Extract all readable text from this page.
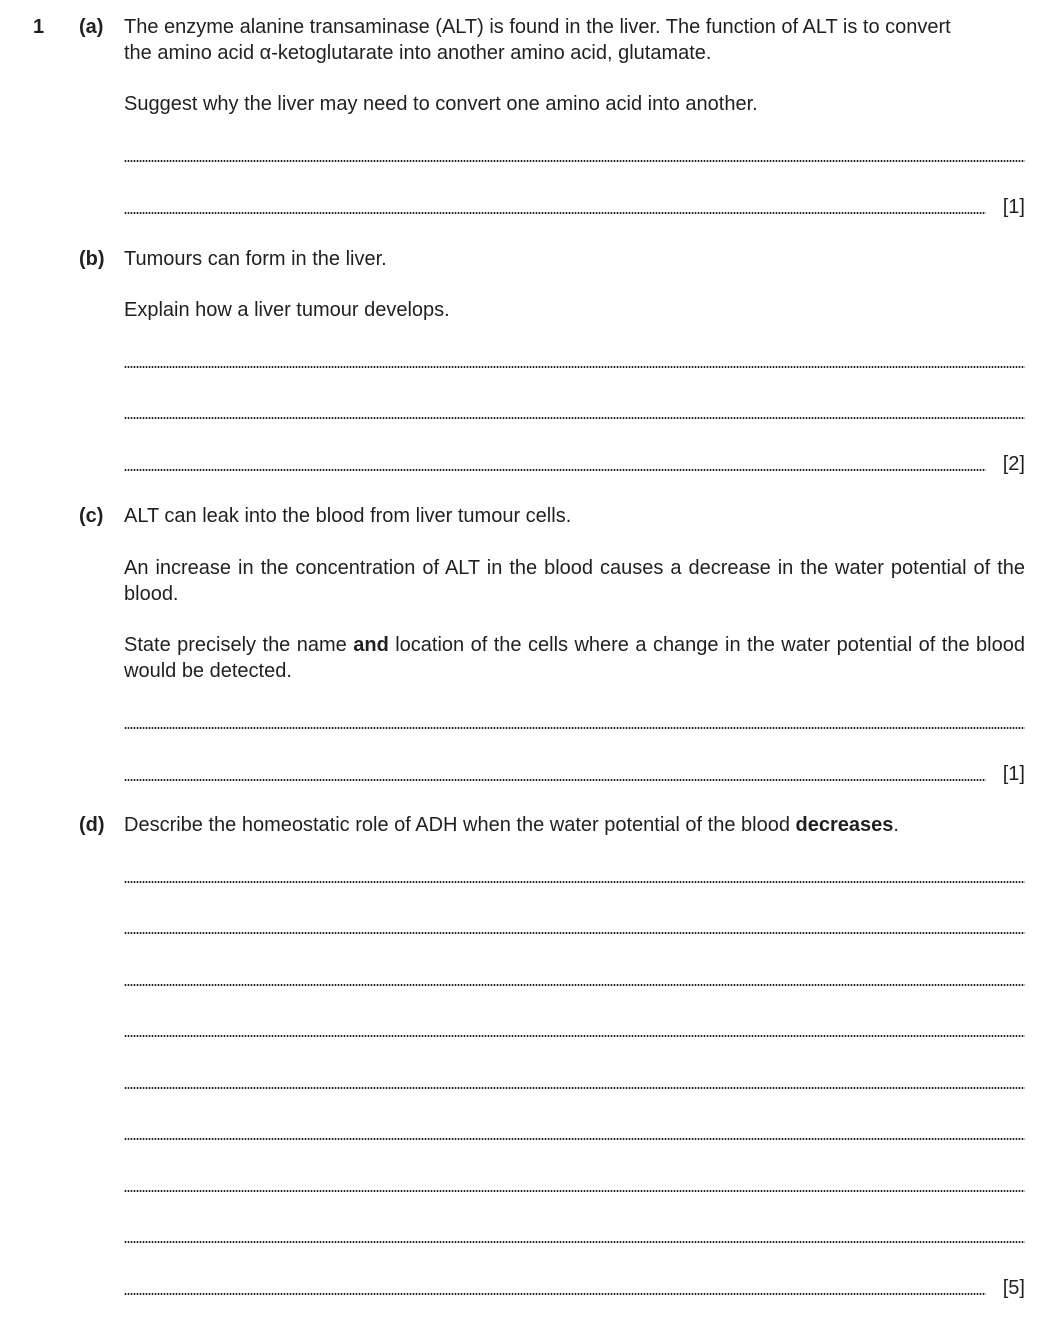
1 (a) The enzyme alanine transaminase (ALT) is found in the liver. The function of ALT is to convert
the amino acid α-ketoglutarate into another amino acid, glutamate.
Suggest why the liver may need to convert one amino acid into another.
[1]
(b) Tumours can form in the liver.
Explain how a liver tumour develops.
[2]
(c) ALT can leak into the blood from liver tumour cells.
An increase in the concentration of ALT in the blood causes a decrease in the water potential of the blood.
State precisely the name and location of the cells where a change in the water potential of the blood would be detected.
[1]
(d) Describe the homeostatic role of ADH when the water potential of the blood decreases.
[5]
